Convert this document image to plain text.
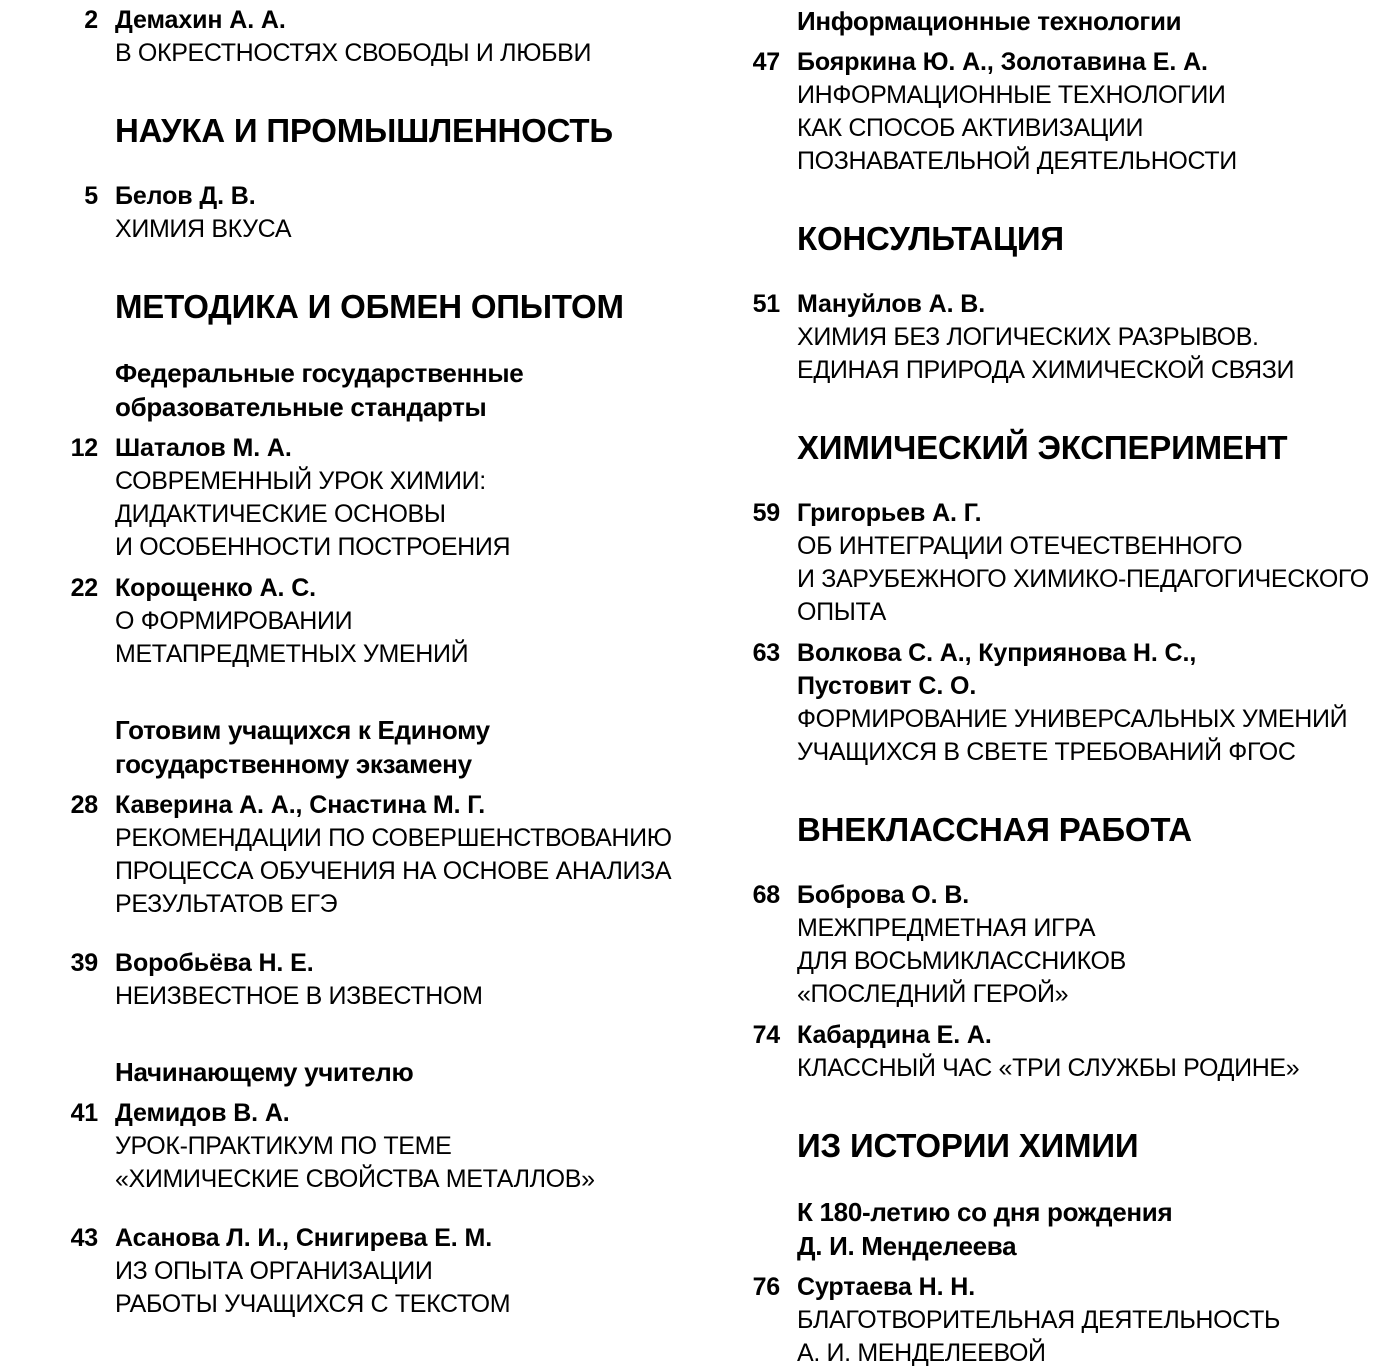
2 Демахин А. А.
В ОКРЕСТНОСТЯХ СВОБОДЫ И ЛЮБВИ
НАУКА И ПРОМЫШЛЕННОСТЬ
5 Белов Д. В.
ХИМИЯ ВКУСА
МЕТОДИКА И ОБМЕН ОПЫТОМ
Федеральные государственные
образовательные стандарты
12 Шаталов М. А.
СОВРЕМЕННЫЙ УРОК ХИМИИ:
ДИДАКТИЧЕСКИЕ ОСНОВЫ
И ОСОБЕННОСТИ ПОСТРОЕНИЯ
22 Корощенко А. С.
О ФОРМИРОВАНИИ
МЕТАПРЕДМЕТНЫХ УМЕНИЙ
Готовим учащихся к Единому
государственному экзамену
28 Каверина А. А., Снастина М. Г.
РЕКОМЕНДАЦИИ ПО СОВЕРШЕНСТВОВАНИЮ
ПРОЦЕССА ОБУЧЕНИЯ НА ОСНОВЕ АНАЛИЗА
РЕЗУЛЬТАТОВ ЕГЭ
39 Воробьёва Н. Е.
НЕИЗВЕСТНОЕ В ИЗВЕСТНОМ
Начинающему учителю
41 Демидов В. А.
УРОК-ПРАКТИКУМ ПО ТЕМЕ
«ХИМИЧЕСКИЕ СВОЙСТВА МЕТАЛЛОВ»
43 Асанова Л. И., Снигирева Е. М.
ИЗ ОПЫТА ОРГАНИЗАЦИИ
РАБОТЫ УЧАЩИХСЯ С ТЕКСТОМ
Информационные технологии
47 Бояркина Ю. А., Золотавина Е. А.
ИНФОРМАЦИОННЫЕ ТЕХНОЛОГИИ
КАК СПОСОБ АКТИВИЗАЦИИ
ПОЗНАВАТЕЛЬНОЙ ДЕЯТЕЛЬНОСТИ
КОНСУЛЬТАЦИЯ
51 Мануйлов А. В.
ХИМИЯ БЕЗ ЛОГИЧЕСКИХ РАЗРЫВОВ.
ЕДИНАЯ ПРИРОДА ХИМИЧЕСКОЙ СВЯЗИ
ХИМИЧЕСКИЙ ЭКСПЕРИМЕНТ
59 Григорьев А. Г.
ОБ ИНТЕГРАЦИИ ОТЕЧЕСТВЕННОГО
И ЗАРУБЕЖНОГО ХИМИКО-ПЕДАГОГИЧЕСКОГО
ОПЫТА
63 Волкова С. А., Куприянова Н. С.,
Пустовит С. О.
ФОРМИРОВАНИЕ УНИВЕРСАЛЬНЫХ УМЕНИЙ
УЧАЩИХСЯ В СВЕТЕ ТРЕБОВАНИЙ ФГОС
ВНЕКЛАССНАЯ РАБОТА
68 Боброва О. В.
МЕЖПРЕДМЕТНАЯ ИГРА
ДЛЯ ВОСЬМИКЛАССНИКОВ
«ПОСЛЕДНИЙ ГЕРОЙ»
74 Кабардина Е. А.
КЛАССНЫЙ ЧАС «ТРИ СЛУЖБЫ РОДИНЕ»
ИЗ ИСТОРИИ ХИМИИ
К 180-летию со дня рождения
Д. И. Менделеева
76 Суртаева Н. Н.
БЛАГОТВОРИТЕЛЬНАЯ ДЕЯТЕЛЬНОСТЬ
А. И. МЕНДЕЛЕЕВОЙ
